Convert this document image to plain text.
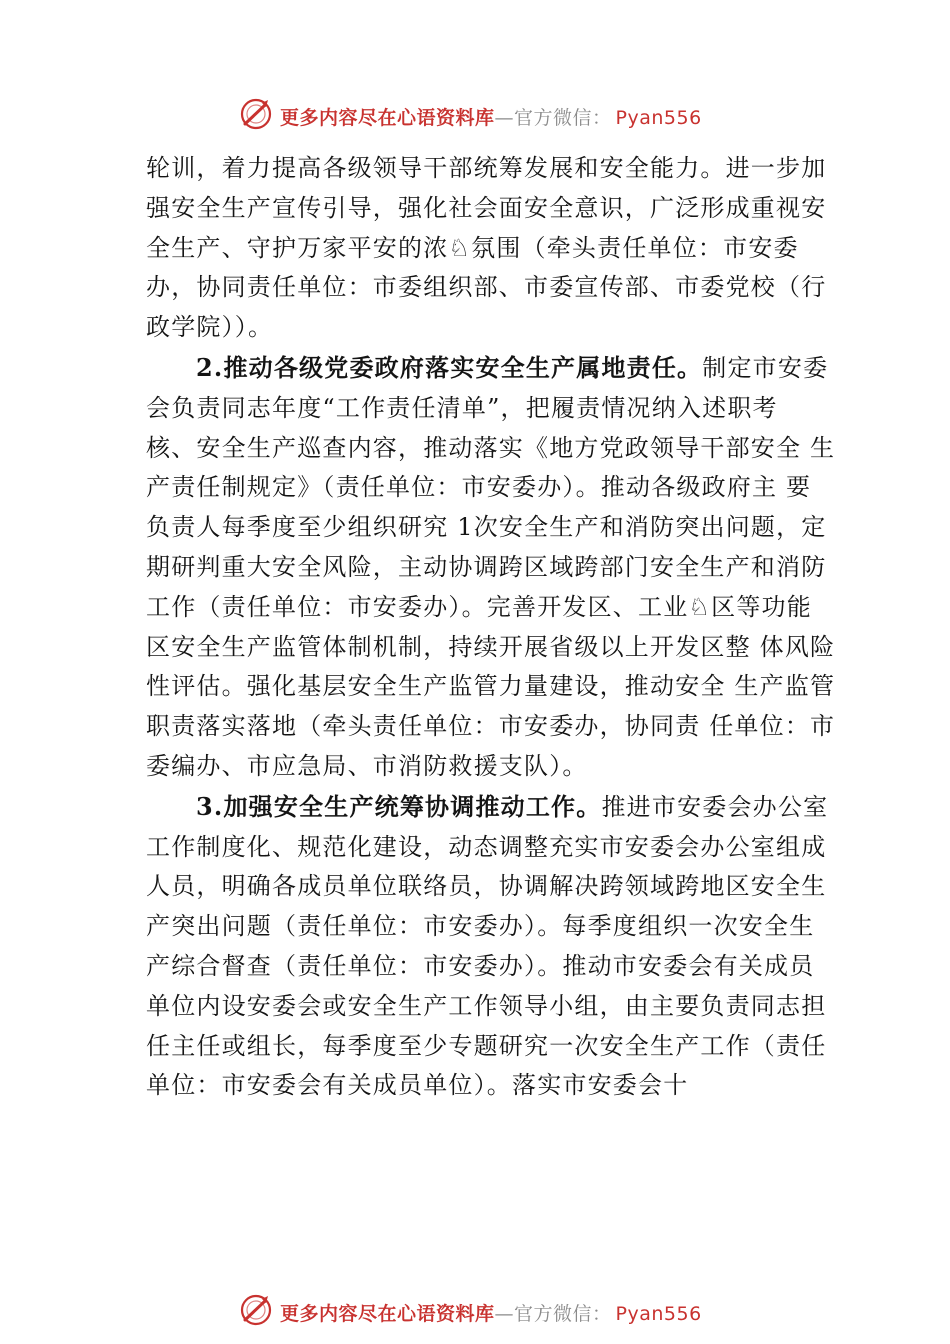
更多内容尽在心语资料库—官方微信： Pyan556

轮训，着力提高各级领导干部统筹发展和安全能力。进一步加强安全生产宣传引导，强化社会面安全意识，广泛形成重视安全生产、守护万家平安的浓♘氛围（牵头责任单位：市安委办，协同责任单位：市委组织部、市委宣传部、市委党校（行政学院））。

2.推动各级党委政府落实安全生产属地责任。制定市安委会负责同志年度“工作责任清单”，把履责情况纳入述职考 核、安全生产巡查内容，推动落实《地方党政领导干部安全 生产责任制规定》（责任单位：市安委办）。推动各级政府主 要负责人每季度至少组织研究 1次安全生产和消防突出问题，定期研判重大安全风险，主动协调跨区域跨部门安全生产和消防工作（责任单位：市安委办）。完善开发区、工业♘区等功能区安全生产监管体制机制，持续开展省级以上开发区整 体风险性评估。强化基层安全生产监管力量建设，推动安全 生产监管职责落实落地（牵头责任单位：市安委办，协同责 任单位：市委编办、市应急局、市消防救援支队）。

3.加强安全生产统筹协调推动工作。推进市安委会办公室工作制度化、规范化建设，动态调整充实市安委会办公室组成人员，明确各成员单位联络员，协调解决跨领域跨地区安全生产突出问题（责任单位：市安委办）。每季度组织一次安全生产综合督查（责任单位：市安委办）。推动市安委会有关成员单位内设安委会或安全生产工作领导小组，由主要负责同志担任主任或组长，每季度至少专题研究一次安全生产工作（责任单位：市安委会有关成员单位）。落实市安委会十

更多内容尽在心语资料库—官方微信： Pyan556
